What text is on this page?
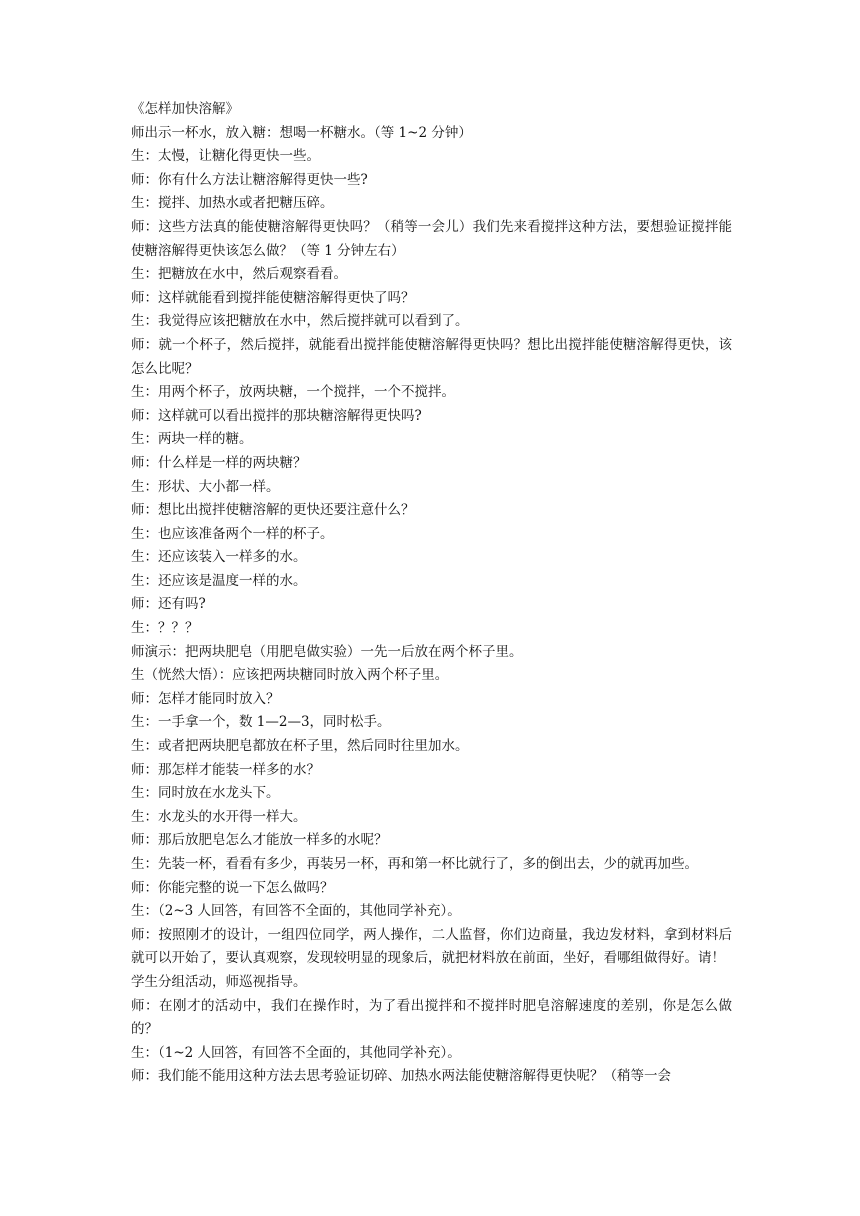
《怎样加快溶解》

师出示一杯水，放入糖：想喝一杯糖水。（等 1~2 分钟）

生：太慢，让糖化得更快一些。

师：你有什么方法让糖溶解得更快一些?

生：搅拌、加热水或者把糖压碎。

师：这些方法真的能使糖溶解得更快吗？（稍等一会儿）我们先来看搅拌这种方法，要想验证搅拌能使糖溶解得更快该怎么做？（等 1 分钟左右）

生：把糖放在水中，然后观察看看。

师：这样就能看到搅拌能使糖溶解得更快了吗？

生：我觉得应该把糖放在水中，然后搅拌就可以看到了。

师：就一个杯子，然后搅拌，就能看出搅拌能使糖溶解得更快吗？想比出搅拌能使糖溶解得更快，该怎么比呢？

生：用两个杯子，放两块糖，一个搅拌，一个不搅拌。

师：这样就可以看出搅拌的那块糖溶解得更快吗?

生：两块一样的糖。

师：什么样是一样的两块糖？

生：形状、大小都一样。

师：想比出搅拌使糖溶解的更快还要注意什么？

生：也应该准备两个一样的杯子。

生：还应该装入一样多的水。

生：还应该是温度一样的水。

师：还有吗?

生：？？？

师演示：把两块肥皂（用肥皂做实验）一先一后放在两个杯子里。

生（恍然大悟）：应该把两块糖同时放入两个杯子里。

师：怎样才能同时放入？

生：一手拿一个，数 1—2—3，同时松手。

生：或者把两块肥皂都放在杯子里，然后同时往里加水。

师：那怎样才能装一样多的水？

生：同时放在水龙头下。

生：水龙头的水开得一样大。

师：那后放肥皂怎么才能放一样多的水呢？

生：先装一杯，看看有多少，再装另一杯，再和第一杯比就行了，多的倒出去，少的就再加些。

师：你能完整的说一下怎么做吗？

生：（2~3 人回答，有回答不全面的，其他同学补充）。

师：按照刚才的设计，一组四位同学，两人操作，二人监督，你们边商量，我边发材料，拿到材料后就可以开始了，要认真观察，发现较明显的现象后，就把材料放在前面，坐好，看哪组做得好。请！

学生分组活动，师巡视指导。

师：在刚才的活动中，我们在操作时，为了看出搅拌和不搅拌时肥皂溶解速度的差别，你是怎么做的？

生：（1~2 人回答，有回答不全面的，其他同学补充）。

师：我们能不能用这种方法去思考验证切碎、加热水两法能使糖溶解得更快呢？（稍等一会
